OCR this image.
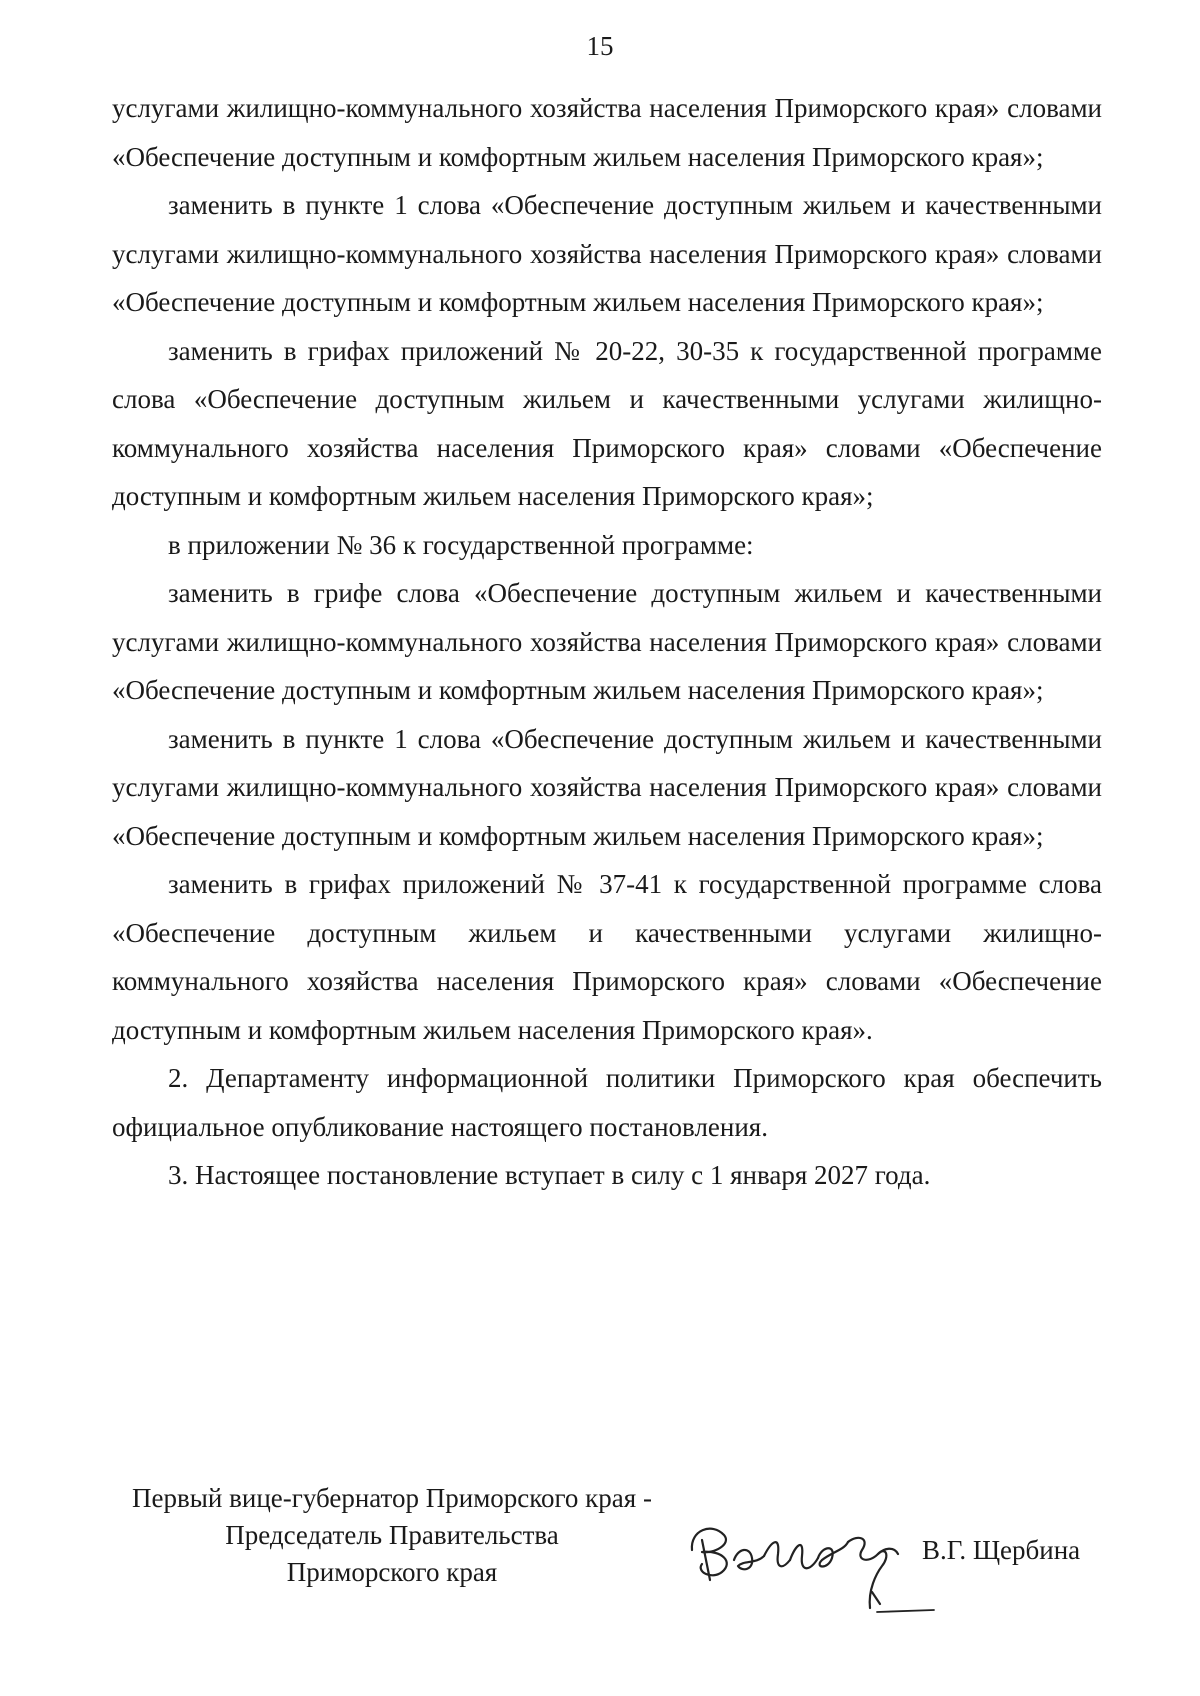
15

услугами жилищно-коммунального хозяйства населения Приморского края» словами «Обеспечение доступным и комфортным жильем населения Приморского края»;

заменить в пункте 1 слова «Обеспечение доступным жильем и качественными услугами жилищно-коммунального хозяйства населения Приморского края» словами «Обеспечение доступным и комфортным жильем населения Приморского края»;

заменить в грифах приложений № 20-22, 30-35 к государственной программе слова «Обеспечение доступным жильем и качественными услугами жилищно-коммунального хозяйства населения Приморского края» словами «Обеспечение доступным и комфортным жильем населения Приморского края»;

в приложении № 36 к государственной программе:

заменить в грифе слова «Обеспечение доступным жильем и качественными услугами жилищно-коммунального хозяйства населения Приморского края» словами «Обеспечение доступным и комфортным жильем населения Приморского края»;

заменить в пункте 1 слова «Обеспечение доступным жильем и качественными услугами жилищно-коммунального хозяйства населения Приморского края» словами «Обеспечение доступным и комфортным жильем населения Приморского края»;

заменить в грифах приложений № 37-41 к государственной программе слова «Обеспечение доступным жильем и качественными услугами жилищно-коммунального хозяйства населения Приморского края» словами «Обеспечение доступным и комфортным жильем населения Приморского края».

2. Департаменту информационной политики Приморского края обеспечить официальное опубликование настоящего постановления.

3. Настоящее постановление вступает в силу с 1 января 2027 года.

Первый вице-губернатор Приморского края -
Председатель Правительства
Приморского края
В.Г. Щербина
